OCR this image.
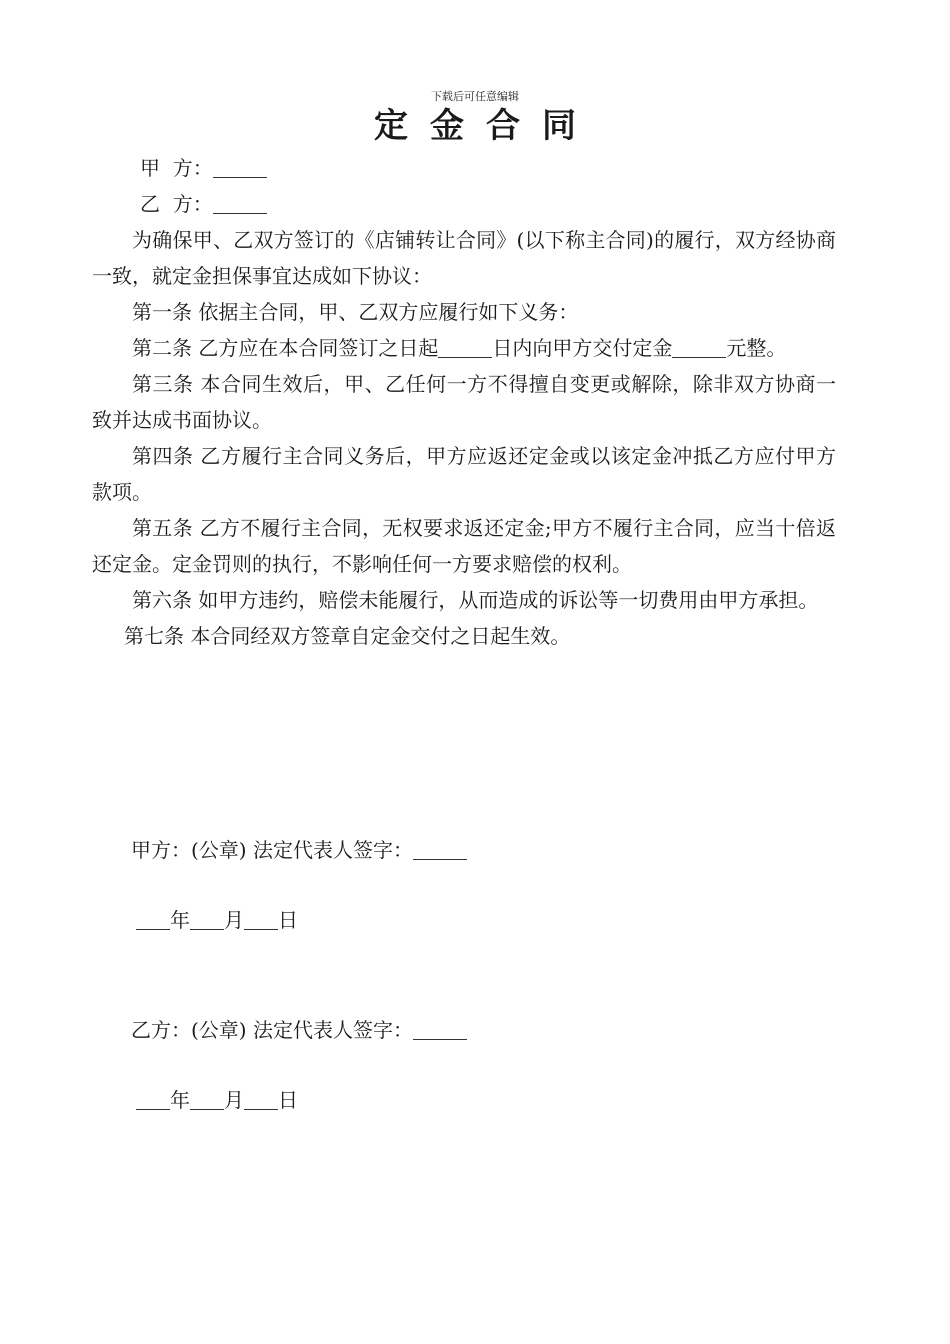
下载后可任意编辑
定金合同

甲  方：

乙  方：

为确保甲、乙双方签订的《店铺转让合同》(以下称主合同)的履行，双方经协商一致，就定金担保事宜达成如下协议：

第一条 依据主合同，甲、乙双方应履行如下义务：

第二条 乙方应在本合同签订之日起	日内向甲方交付定金	元整。

第三条 本合同生效后，甲、乙任何一方不得擅自变更或解除，除非双方协商一致并达成书面协议。

第四条 乙方履行主合同义务后，甲方应返还定金或以该定金冲抵乙方应付甲方款项。

第五条 乙方不履行主合同，无权要求返还定金;甲方不履行主合同，应当十倍返还定金。定金罚则的执行，不影响任何一方要求赔偿的权利。

第六条 如甲方违约，赔偿未能履行，从而造成的诉讼等一切费用由甲方承担。

第七条 本合同经双方签章自定金交付之日起生效。

甲方：(公章) 法定代表人签字：
年 月 日
乙方：(公章) 法定代表人签字：
年 月 日
